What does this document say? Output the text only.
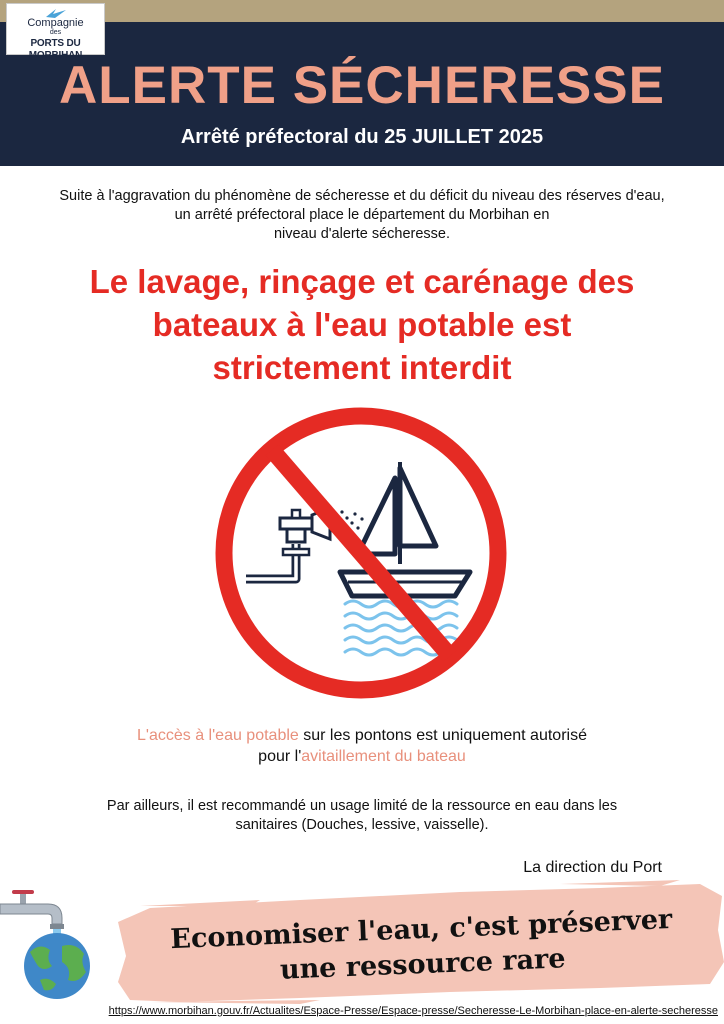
Compagnie
des
PORTS DU MORBIHAN
ALERTE SÉCHERESSE
Arrêté préfectoral du 25 JUILLET 2025
Suite à l'aggravation du phénomène de sécheresse et du déficit du niveau des réserves d'eau,
un arrêté préfectoral place le département du Morbihan en
niveau d'alerte sécheresse.
Le lavage, rinçage et carénage des
bateaux à l'eau potable est
strictement interdit
L'accès à l'eau potable sur les pontons est uniquement autorisé
pour l'avitaillement du bateau
Par ailleurs, il est recommandé un usage limité de la ressource en eau dans les
sanitaires (Douches, lessive, vaisselle).
La direction du Port
Economiser l'eau, c'est préserver
une ressource rare
https://www.morbihan.gouv.fr/Actualites/Espace-Presse/Espace-presse/Secheresse-Le-Morbihan-place-en-alerte-secheresse
